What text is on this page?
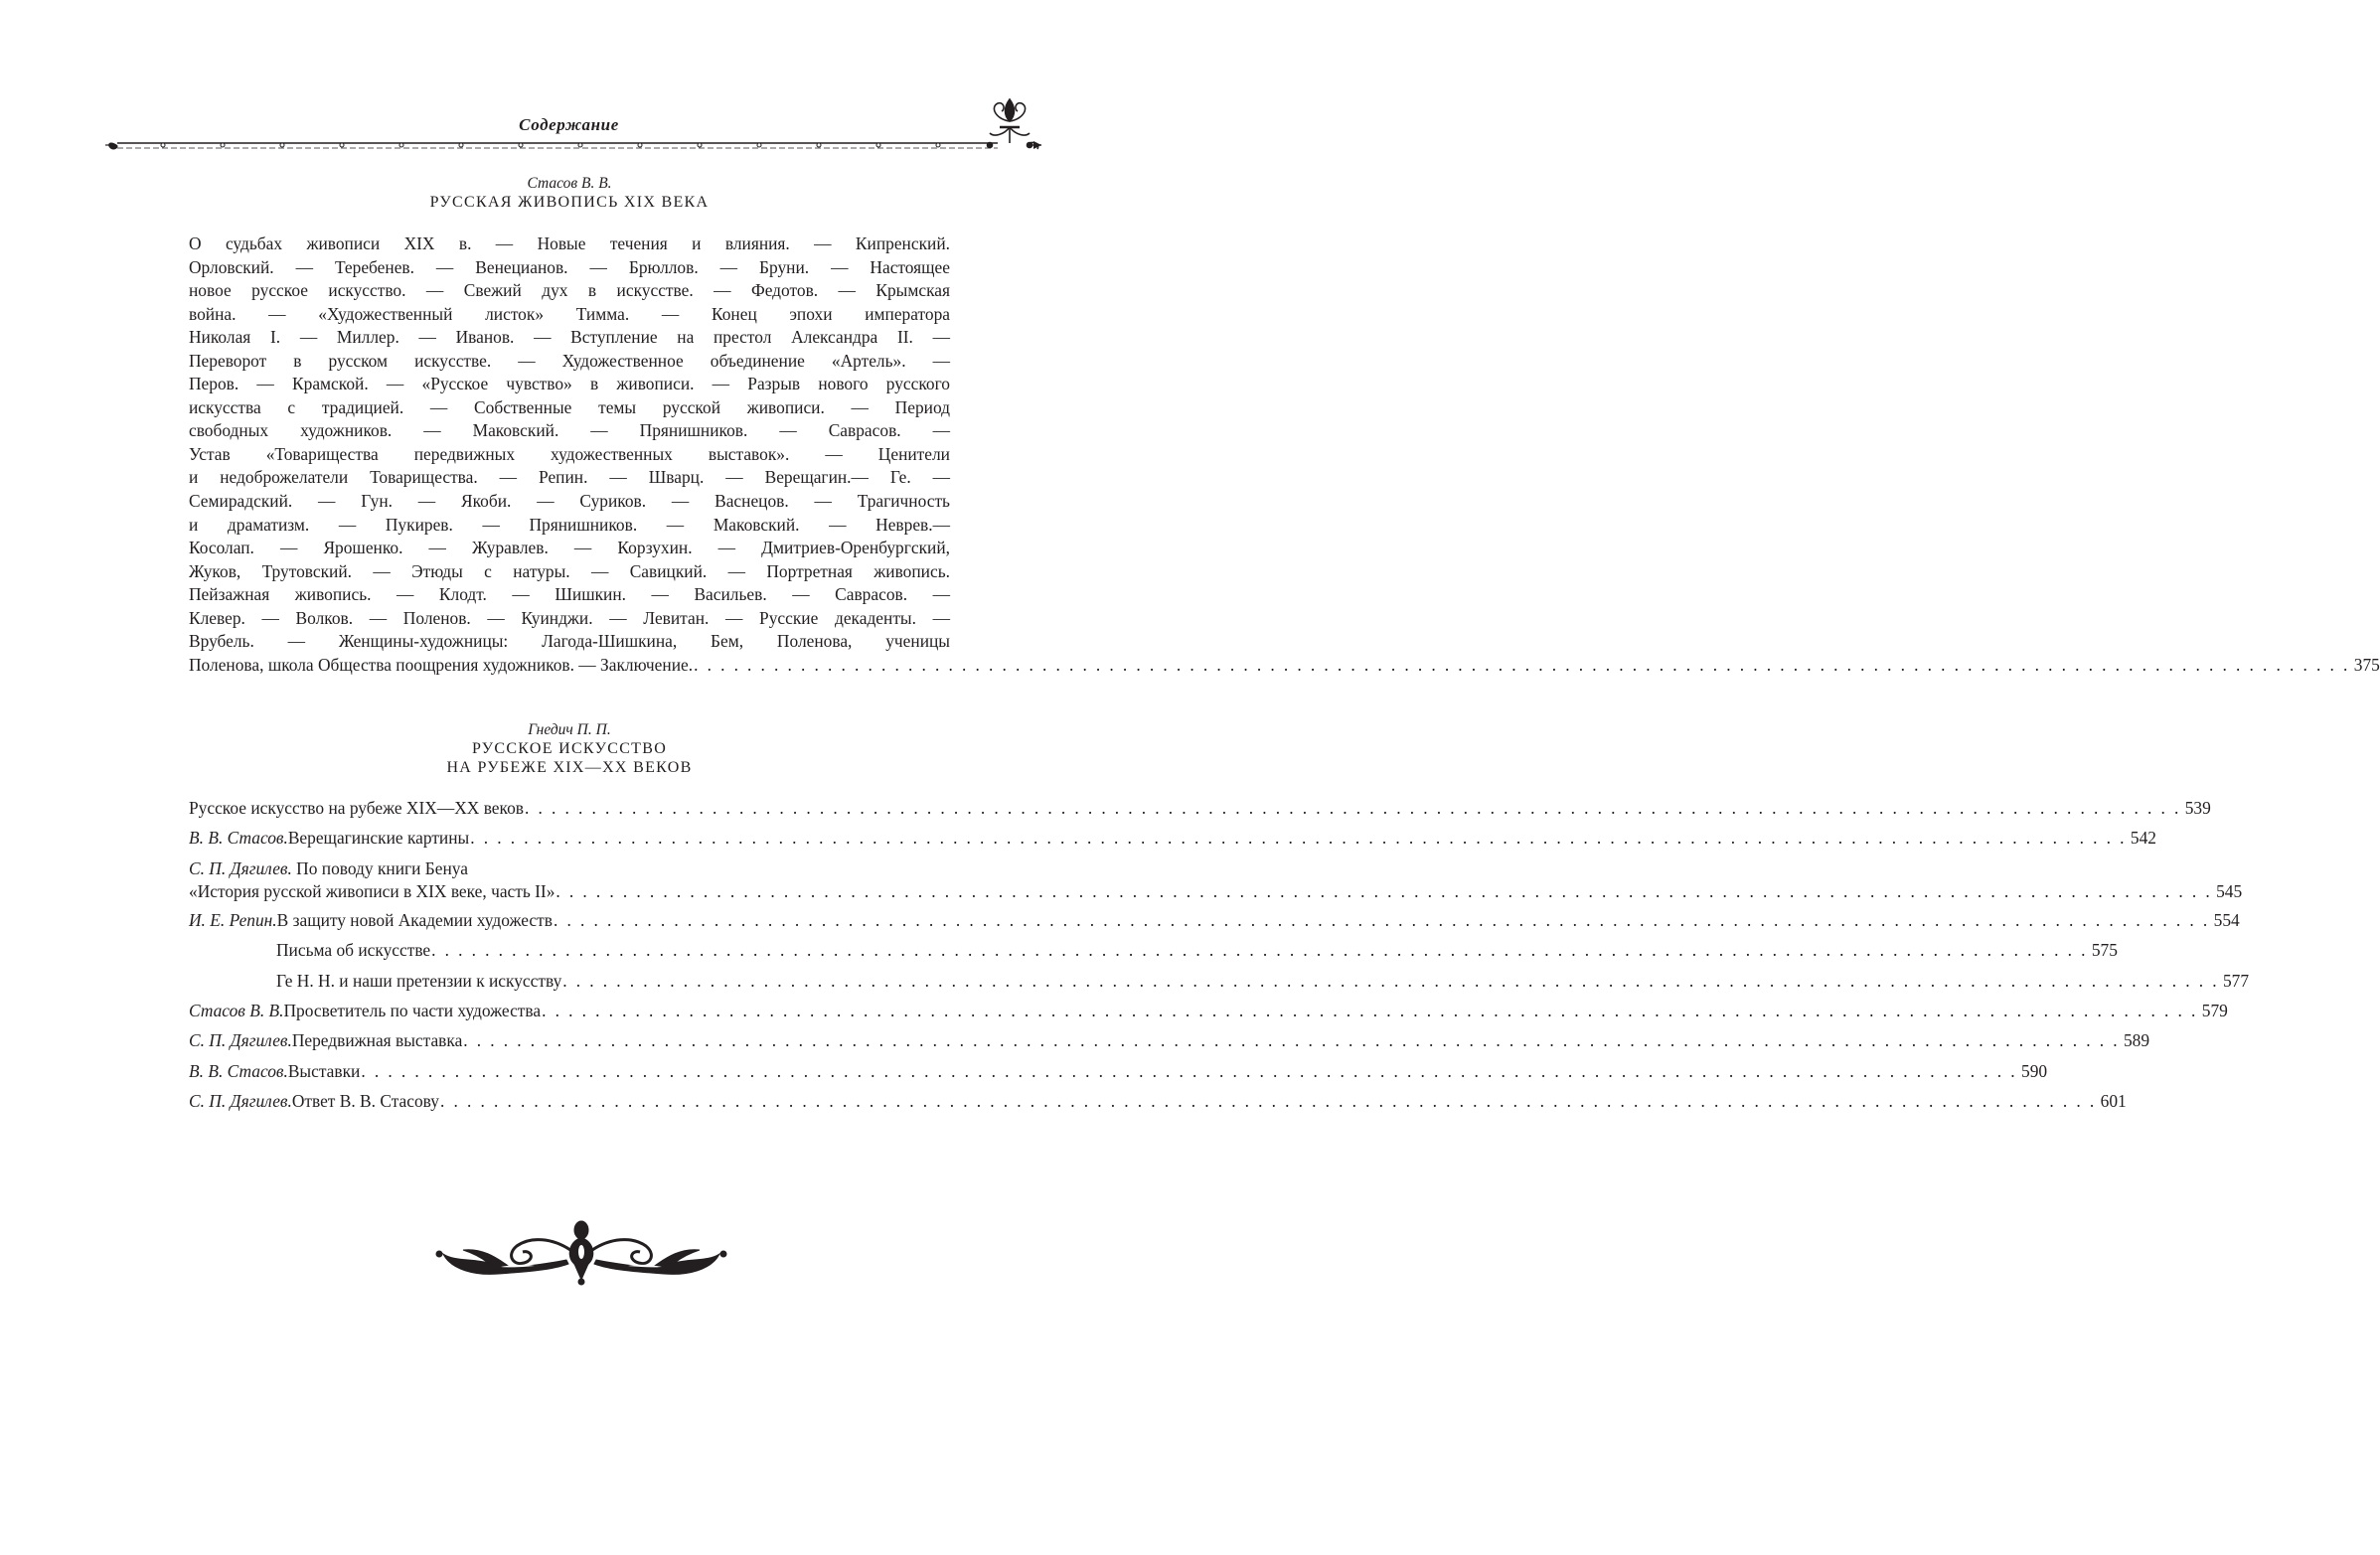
Содержание
Стасов В. В.
РУССКАЯ ЖИВОПИСЬ XIX ВЕКА
О судьбах живописи XIX в. — Новые течения и влияния. — Кипренский.
Орловский. — Теребенев. — Венецианов. — Брюллов. — Бруни. — Настоящее
новое русское искусство. — Свежий дух в искусстве. — Федотов. — Крымская
война. — «Художественный листок» Тимма. — Конец эпохи императора
Николая I. — Миллер. — Иванов. — Вступление на престол Александра II. —
Переворот в русском искусстве. — Художественное объединение «Артель». —
Перов. — Крамской. — «Русское чувство» в живописи. — Разрыв нового русского
искусства с традицией. — Собственные темы русской живописи. — Период
свободных художников. — Маковский. — Прянишников. — Саврасов. —
Устав «Товарищества передвижных художественных выставок». — Ценители
и недоброжелатели Товарищества. — Репин. — Шварц. — Верещагин.— Ге. —
Семирадский. — Гун. — Якоби. — Суриков. — Васнецов. — Трагичность
и драматизм. — Пукирев. — Прянишников. — Маковский. — Неврев.—
Косолап. — Ярошенко. — Журавлев. — Корзухин. — Дмитриев-Оренбургский,
Жуков, Трутовский. — Этюды с натуры. — Савицкий. — Портретная живопись.
Пейзажная живопись. — Клодт. — Шишкин. — Васильев. — Саврасов. —
Клевер. — Волков. — Поленов. — Куинджи. — Левитан. — Русские декаденты. —
Врубель. — Женщины-художницы: Лагода-Шишкина, Бем, Поленова, ученицы
Поленова, школа Общества поощрения художников. — Заключение. . . . . . . . . . . . . . . . . . . . . . . . . . . . . . . . . . . . . . . . . . . . . . . . . . . . . . . . . . . . . . . . . . . . . . . . . . . . . . . . . . . . . . . . . . . . . . . . . . . . . . . . . . . . . . . . . . . . . . . . . . . . . 375
Гнедич П. П.
РУССКОЕ ИСКУССТВО
НА РУБЕЖЕ XIX—XX ВЕКОВ
Русское искусство на рубеже XIX—XX веков . . . . . . . . . . . . . . . . . . . . . . . . . . . . . . . . . . . . . . . . . . . . . . . . . . . . . . . . . . . . . . . . . . . . . . . . . . . . . . . . . . . . . . . . . . . . . . . . . . . . . . . . . . . . . . . . . . . . . . . . . . . . 539
В. В. Стасов. Верещагинские картины . . . . . . . . . . . . . . . . . . . . . . . . . . . . . . . . . . . . . . . . . . . . . . . . . . . . . . . . . . . . . . . . . . . . . . . . . . . . . . . . . . . . . . . . . . . . . . . . . . . . . . . . . . . . . . . . . . . . . . . . . . . . 542
С. П. Дягилев. По поводу книги Бенуа
«История русской живописи в XIX веке, часть II» . . . . . . . . . . . . . . . . . . . . . . . . . . . . . . . . . . . . . . . . . . . . . . . . . . . . . . . . . . . . . . . . . . . . . . . . . . . . . . . . . . . . . . . . . . . . . . . . . . . . . . . . . . . . . . . . . . . . . . . . . . . . 545
И. Е. Репин. В защиту новой Академии художеств . . . . . . . . . . . . . . . . . . . . . . . . . . . . . . . . . . . . . . . . . . . . . . . . . . . . . . . . . . . . . . . . . . . . . . . . . . . . . . . . . . . . . . . . . . . . . . . . . . . . . . . . . . . . . . . . . . . . . . . . . . . . 554
Письма об искусстве . . . . . . . . . . . . . . . . . . . . . . . . . . . . . . . . . . . . . . . . . . . . . . . . . . . . . . . . . . . . . . . . . . . . . . . . . . . . . . . . . . . . . . . . . . . . . . . . . . . . . . . . . . . . . . . . . . . . . . . . . . . . 575
Ге Н. Н. и наши претензии к искусству . . . . . . . . . . . . . . . . . . . . . . . . . . . . . . . . . . . . . . . . . . . . . . . . . . . . . . . . . . . . . . . . . . . . . . . . . . . . . . . . . . . . . . . . . . . . . . . . . . . . . . . . . . . . . . . . . . . . . . . . . . . . 577
Стасов В. В. Просветитель по части художества . . . . . . . . . . . . . . . . . . . . . . . . . . . . . . . . . . . . . . . . . . . . . . . . . . . . . . . . . . . . . . . . . . . . . . . . . . . . . . . . . . . . . . . . . . . . . . . . . . . . . . . . . . . . . . . . . . . . . . . . . . . . 579
С. П. Дягилев. Передвижная выставка . . . . . . . . . . . . . . . . . . . . . . . . . . . . . . . . . . . . . . . . . . . . . . . . . . . . . . . . . . . . . . . . . . . . . . . . . . . . . . . . . . . . . . . . . . . . . . . . . . . . . . . . . . . . . . . . . . . . . . . . . . . . 589
В. В. Стасов. Выставки . . . . . . . . . . . . . . . . . . . . . . . . . . . . . . . . . . . . . . . . . . . . . . . . . . . . . . . . . . . . . . . . . . . . . . . . . . . . . . . . . . . . . . . . . . . . . . . . . . . . . . . . . . . . . . . . . . . . . . . . . . . . 590
С. П. Дягилев. Ответ В. В. Стасову . . . . . . . . . . . . . . . . . . . . . . . . . . . . . . . . . . . . . . . . . . . . . . . . . . . . . . . . . . . . . . . . . . . . . . . . . . . . . . . . . . . . . . . . . . . . . . . . . . . . . . . . . . . . . . . . . . . . . . . . . . . . 601
